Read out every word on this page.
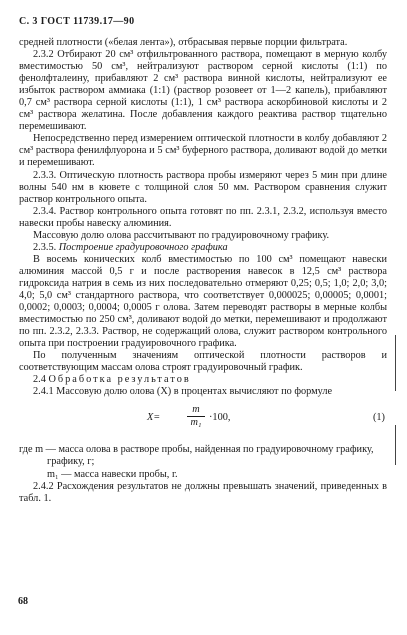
С. 3 ГОСТ 11739.17—90

средней плотности («белая лента»), отбрасывая первые порции фильтрата.

2.3.2 Отбирают 20 см³ отфильтрованного раствора, помещают в мерную колбу вместимостью 50 см³, нейтрализуют раствором серной кислоты (1:1) по фенолфталеину, прибавляют 2 см³ раствора винной кислоты, нейтрализуют ее избыток раствором аммиака (1:1) (раствор розовеет от 1—2 капель), прибавляют 0,7 см³ раствора серной кислоты (1:1), 1 см³ раствора аскорбиновой кислоты и 2 см³ раствора желатина. После добавления каждого реактива раствор тщательно перемешивают.

Непосредственно перед измерением оптической плотности в колбу добавляют 2 см³ раствора фенилфлуорона и 5 см³ буферного раствора, доливают водой до метки и перемешивают.

2.3.3. Оптическую плотность раствора пробы измеряют через 5 мин при длине волны 540 нм в кювете с толщиной слоя 50 мм. Раствором сравнения служит раствор контрольного опыта.

2.3.4. Раствор контрольного опыта готовят по пп. 2.3.1, 2.3.2, используя вместо навески пробы навеску алюминия.

Массовую долю олова рассчитывают по градуировочному графику.

2.3.5. Построение градуировочного графика

В восемь конических колб вместимостью по 100 см³ помещают навески алюминия массой 0,5 г и после растворения навесок в 12,5 см³ раствора гидроксида натрия в семь из них последовательно отмеряют 0,25; 0,5; 1,0; 2,0; 3,0; 4,0; 5,0 см³ стандартного раствора, что соответствует 0,000025; 0,00005; 0,0001; 0,0002; 0,0003; 0,0004; 0,0005 г олова. Затем переводят растворы в мерные колбы вместимостью по 250 см³, доливают водой до метки, перемешивают и продолжают по пп. 2.3.2, 2.3.3. Раствор, не содержащий олова, служит раствором контрольного опыта при построении градуировочного графика.

По полученным значениям оптической плотности растворов и соответствующим массам олова строят градуировочный график.

2.4 Обработка результатов

2.4.1 Массовую долю олова (X) в процентах вычисляют по формуле

X=	$\frac{m}{\text{m₁}} \cdot 100$,	(1)

где m — масса олова в растворе пробы, найденная по градуировочному графику,

графику, г;

m₁ — масса навески пробы, г.

2.4.2 Расхождения результатов не должны превышать значений, приведенных в табл. 1.

68
